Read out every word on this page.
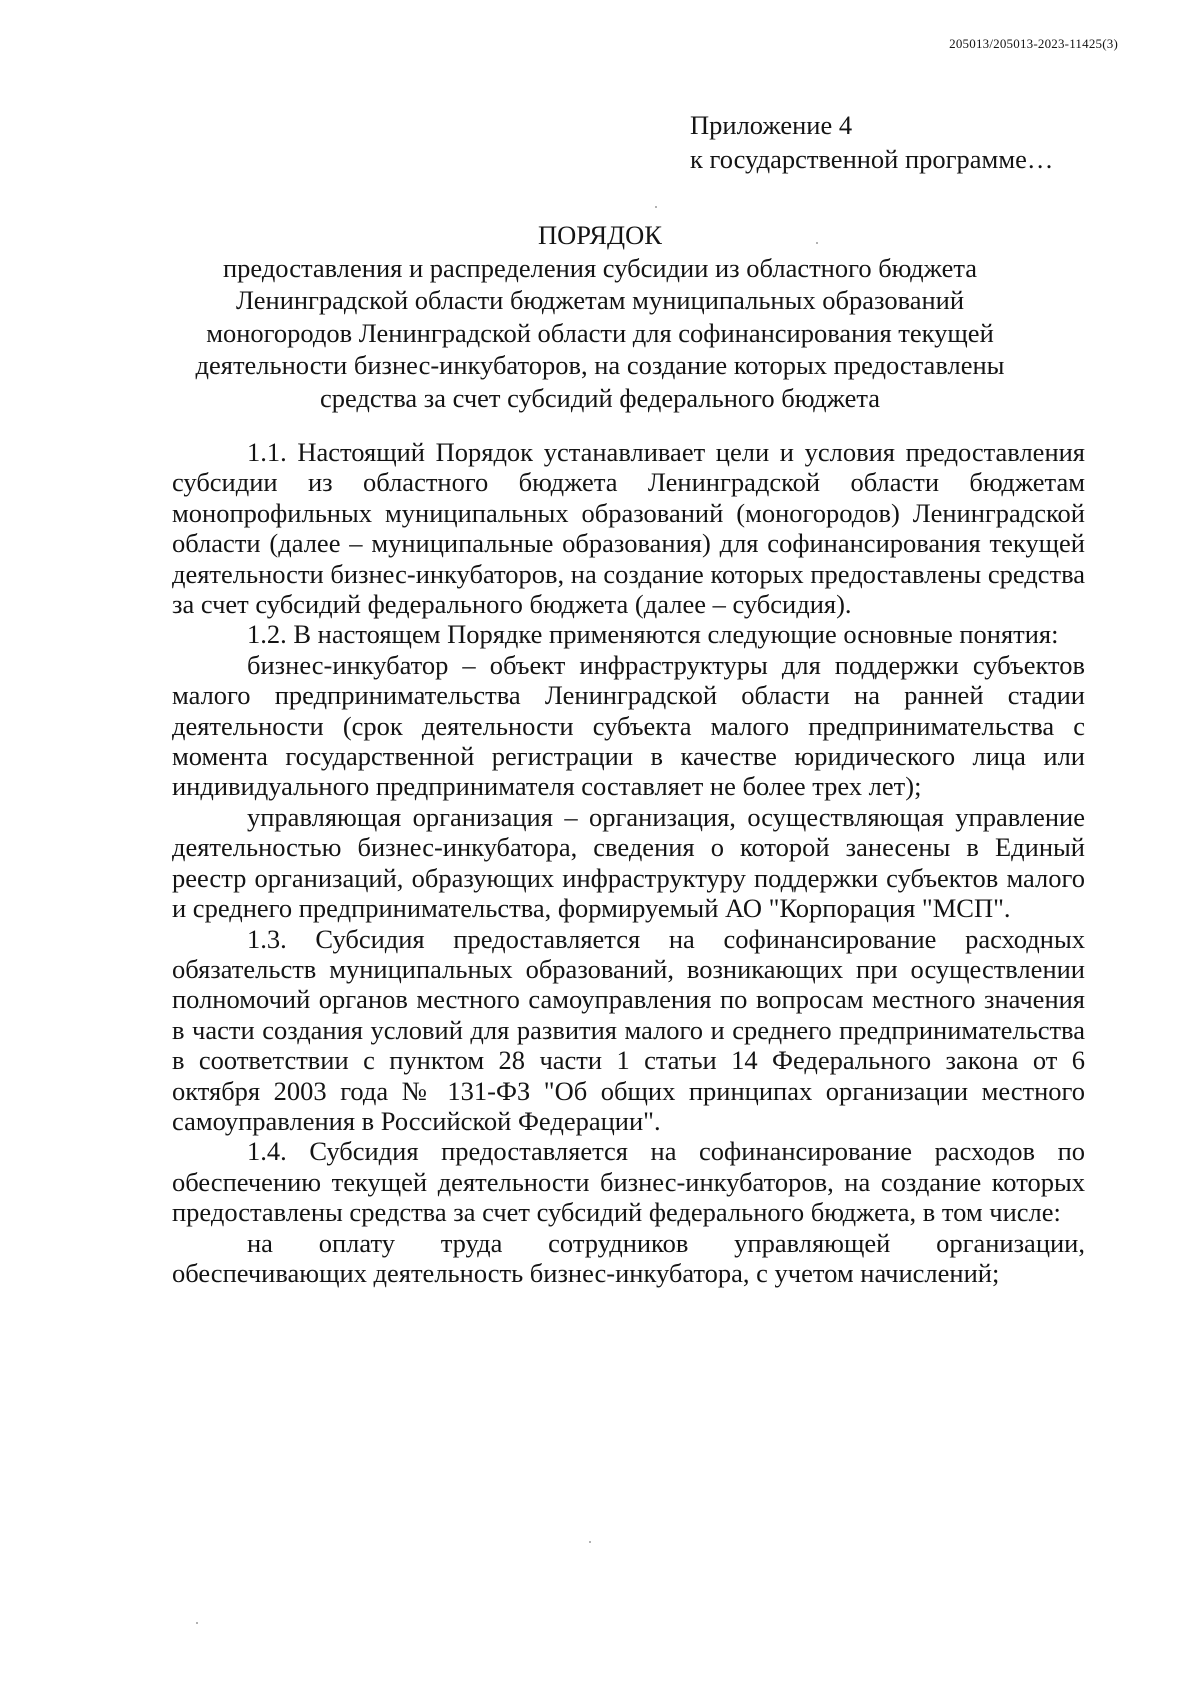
205013/205013-2023-11425(3)
Приложение 4
к государственной программе…
ПОРЯДОК
предоставления и распределения субсидии из областного бюджета
Ленинградской области бюджетам муниципальных образований
моногородов Ленинградской области для софинансирования текущей
деятельности бизнес-инкубаторов, на создание которых предоставлены
средства за счет субсидий федерального бюджета

1.1. Настоящий Порядок устанавливает цели и условия предоставления субсидии из областного бюджета Ленинградской области бюджетам монопрофильных муниципальных образований (моногородов) Ленинградской области (далее – муниципальные образования) для софинансирования текущей деятельности бизнес-инкубаторов, на создание которых предоставлены средства за счет субсидий федерального бюджета (далее – субсидия).

1.2. В настоящем Порядке применяются следующие основные понятия:

бизнес-инкубатор – объект инфраструктуры для поддержки субъектов малого предпринимательства Ленинградской области на ранней стадии деятельности (срок деятельности субъекта малого предпринимательства с момента государственной регистрации в качестве юридического лица или индивидуального предпринимателя составляет не более трех лет);

управляющая организация – организация, осуществляющая управление деятельностью бизнес-инкубатора, сведения о которой занесены в Единый реестр организаций, образующих инфраструктуру поддержки субъектов малого и среднего предпринимательства, формируемый АО "Корпорация "МСП".

1.3. Субсидия предоставляется на софинансирование расходных обязательств муниципальных образований, возникающих при осуществлении полномочий органов местного самоуправления по вопросам местного значения в части создания условий для развития малого и среднего предпринимательства в соответствии с пунктом 28 части 1 статьи 14 Федерального закона от 6 октября 2003 года № 131-ФЗ "Об общих принципах организации местного самоуправления в Российской Федерации".

1.4. Субсидия предоставляется на софинансирование расходов по обеспечению текущей деятельности бизнес-инкубаторов, на создание которых предоставлены средства за счет субсидий федерального бюджета, в том числе:

на оплату труда сотрудников управляющей организации, обеспечивающих деятельность бизнес-инкубатора, с учетом начислений;
